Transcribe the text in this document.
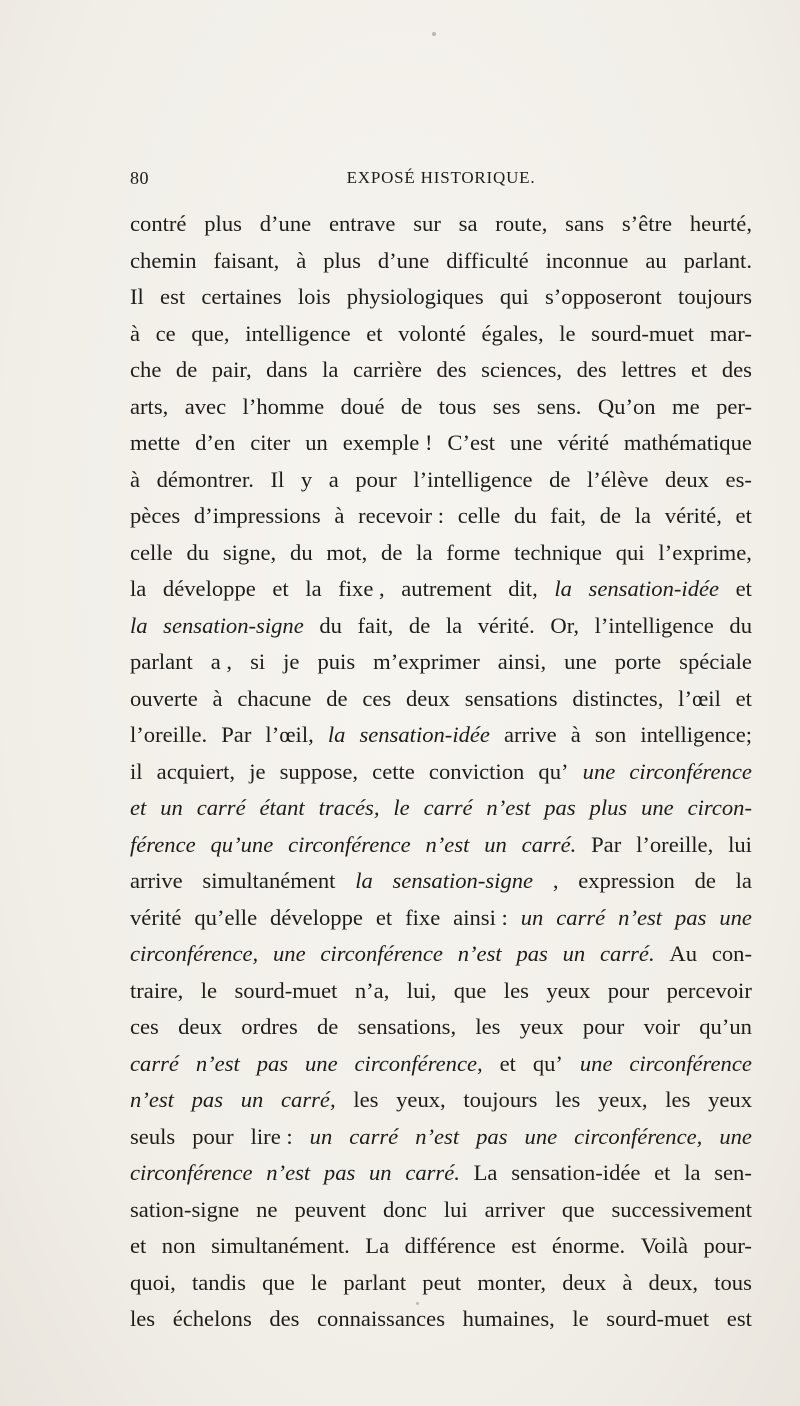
80	EXPOSÉ HISTORIQUE.
contré plus d’une entrave sur sa route, sans s’être heurté,
chemin faisant, à plus d’une difficulté inconnue au parlant.
Il est certaines lois physiologiques qui s’opposeront toujours
à ce que, intelligence et volonté égales, le sourd-muet mar-
che de pair, dans la carrière des sciences, des lettres et des
arts, avec l’homme doué de tous ses sens. Qu’on me per-
mette d’en citer un exemple ! C’est une vérité mathématique
à démontrer. Il y a pour l’intelligence de l’élève deux es-
pèces d’impressions à recevoir : celle du fait, de la vérité, et
celle du signe, du mot, de la forme technique qui l’exprime,
la développe et la fixe , autrement dit, la sensation-idée et
la sensation-signe du fait, de la vérité. Or, l’intelligence du
parlant a , si je puis m’exprimer ainsi, une porte spéciale
ouverte à chacune de ces deux sensations distinctes, l’œil et
l’oreille. Par l’œil, la sensation-idée arrive à son intelligence;
il acquiert, je suppose, cette conviction qu’ une circonférence
et un carré étant tracés, le carré n’est pas plus une circon-
férence qu’une circonférence n’est un carré. Par l’oreille, lui
arrive simultanément la sensation-signe , expression de la
vérité qu’elle développe et fixe ainsi : un carré n’est pas une
circonférence, une circonférence n’est pas un carré. Au con-
traire, le sourd-muet n’a, lui, que les yeux pour percevoir
ces deux ordres de sensations, les yeux pour voir qu’un
carré n’est pas une circonférence, et qu’ une circonférence
n’est pas un carré, les yeux, toujours les yeux, les yeux
seuls pour lire : un carré n’est pas une circonférence, une
circonférence n’est pas un carré. La sensation-idée et la sen-
sation-signe ne peuvent donc lui arriver que successivement
et non simultanément. La différence est énorme. Voilà pour-
quoi, tandis que le parlant peut monter, deux à deux, tous
les échelons des connaissances humaines, le sourd-muet est
